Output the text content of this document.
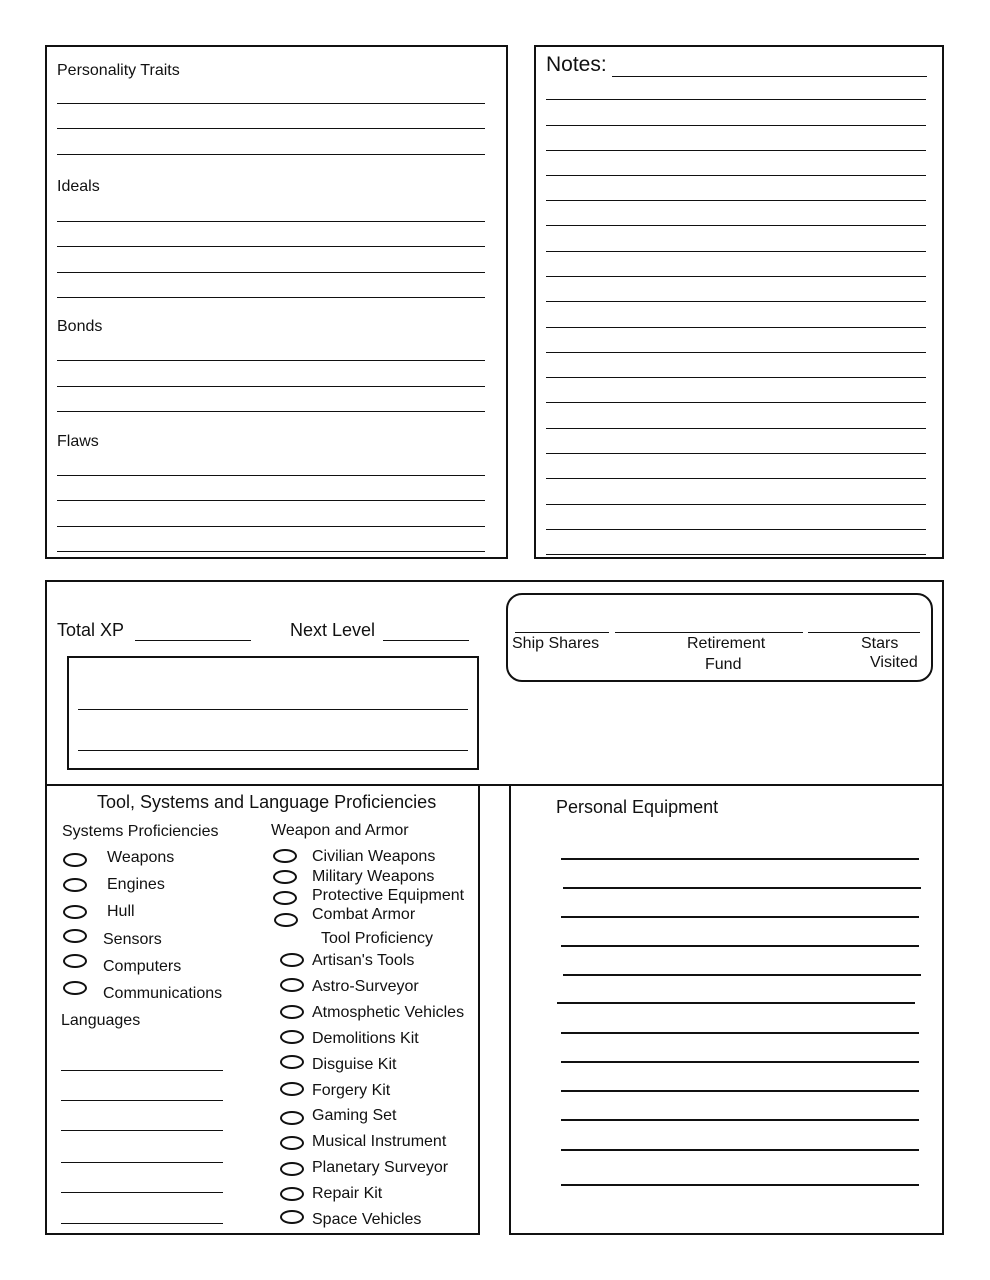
Personality Traits
Ideals
Bonds
Flaws
Notes:
Total XP	Next Level
Ship Shares	Retirement
Fund
Stars
Visited
Tool, Systems and Language Proficiencies
Systems Proficiencies	Weapon and Armor
Tool Proficiency
Languages
Weapons
Engines
Hull
Sensors
Computers
Communications
Civilian Weapons
Military Weapons
Protective Equipment
Combat Armor
Artisan's Tools
Astro-Surveyor
Atmosphetic Vehicles
Demolitions Kit
Disguise Kit
Forgery Kit
Gaming Set
Musical Instrument
Planetary Surveyor
Repair Kit
Space Vehicles
Personal Equipment
